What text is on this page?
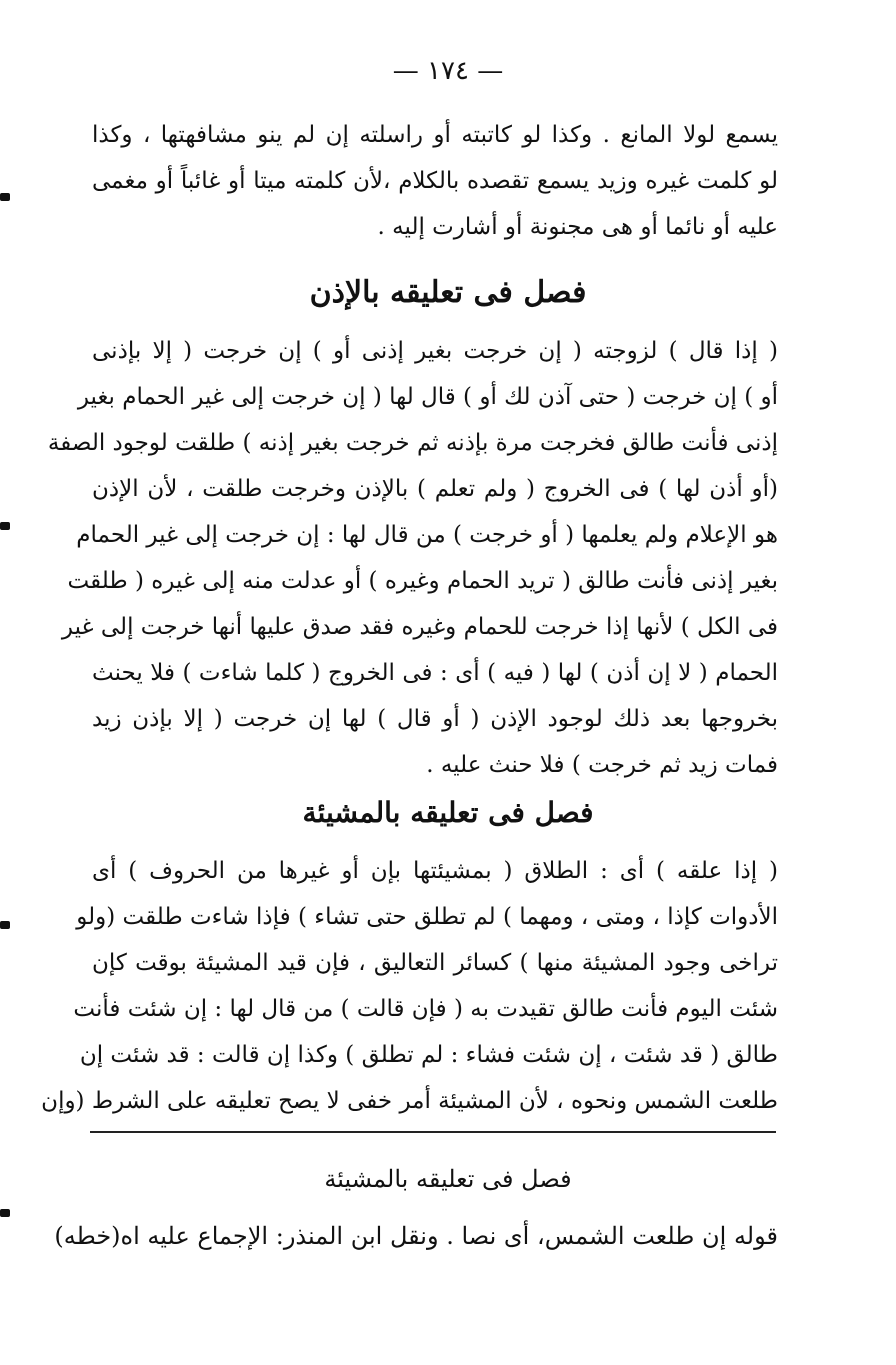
— ١٧٤ —
يسمع لولا المانع . وكذا لو كاتبته أو راسلته إن لم ينو مشافهتها ، وكذا
لو كلمت غيره وزيد يسمع تقصده بالكلام ،لأن كلمته ميتا أو غائباً أو مغمى
عليه أو نائما أو هى مجنونة أو أشارت إليه .
فصل فى تعليقه بالإذن
( إذا قال ) لزوجته ( إن خرجت بغير إذنى أو ) إن خرجت ( إلا بإذنى
أو ) إن خرجت ( حتى آذن لك أو ) قال لها ( إن خرجت إلى غير الحمام بغير
إذنى فأنت طالق فخرجت مرة بإذنه ثم خرجت بغير إذنه ) طلقت لوجود الصفة
(أو أذن لها ) فى الخروج ( ولم تعلم ) بالإذن وخرجت طلقت ، لأن الإذن
هو الإعلام ولم يعلمها ( أو خرجت ) من قال لها : إن خرجت إلى غير الحمام
بغير إذنى فأنت طالق ( تريد الحمام وغيره ) أو عدلت منه إلى غيره ( طلقت
فى الكل ) لأنها إذا خرجت للحمام وغيره فقد صدق عليها أنها خرجت إلى غير
الحمام ( لا إن أذن ) لها ( فيه ) أى : فى الخروج ( كلما شاءت ) فلا يحنث
بخروجها بعد ذلك لوجود الإذن ( أو قال ) لها إن خرجت ( إلا بإذن زيد
فمات زيد ثم خرجت ) فلا حنث عليه .
فصل فى تعليقه بالمشيئة
( إذا علقه ) أى : الطلاق ( بمشيئتها بإن أو غيرها من الحروف ) أى
الأدوات كإذا ، ومتى ، ومهما ) لم تطلق حتى تشاء ) فإذا شاءت طلقت (ولو
تراخى وجود المشيئة منها ) كسائر التعاليق ، فإن قيد المشيئة بوقت كإن
شئت اليوم فأنت طالق تقيدت به ( فإن قالت ) من قال لها : إن شئت فأنت
طالق ( قد شئت ، إن شئت فشاء : لم تطلق ) وكذا إن قالت : قد شئت إن
طلعت الشمس ونحوه ، لأن المشيئة أمر خفى لا يصح تعليقه على الشرط (وإن
فصل فى تعليقه بالمشيئة
قوله إن طلعت الشمس، أى نصا . ونقل ابن المنذر: الإجماع عليه اه(خطه)
